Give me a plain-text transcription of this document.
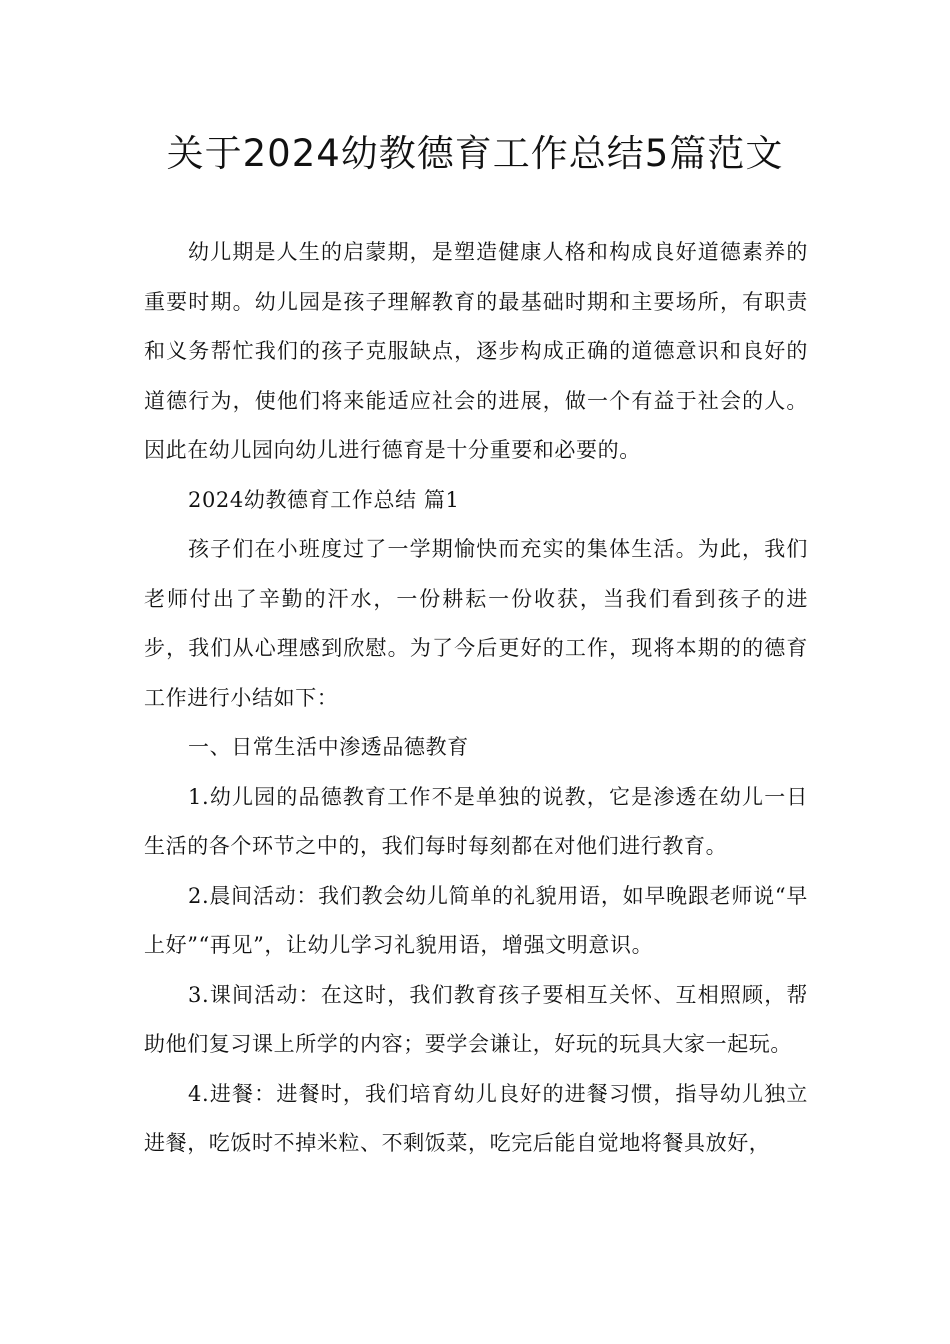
关于2024幼教德育工作总结5篇范文

幼儿期是人生的启蒙期，是塑造健康人格和构成良好道德素养的重要时期。幼儿园是孩子理解教育的最基础时期和主要场所，有职责和义务帮忙我们的孩子克服缺点，逐步构成正确的道德意识和良好的道德行为，使他们将来能适应社会的进展，做一个有益于社会的人。因此在幼儿园向幼儿进行德育是十分重要和必要的。

2024幼教德育工作总结 篇1

孩子们在小班度过了一学期愉快而充实的集体生活。为此，我们老师付出了辛勤的汗水，一份耕耘一份收获，当我们看到孩子的进步，我们从心理感到欣慰。为了今后更好的工作，现将本期的的德育工作进行小结如下：

一、日常生活中渗透品德教育

1.幼儿园的品德教育工作不是单独的说教，它是渗透在幼儿一日生活的各个环节之中的，我们每时每刻都在对他们进行教育。

2.晨间活动：我们教会幼儿简单的礼貌用语，如早晚跟老师说“早上好”“再见”，让幼儿学习礼貌用语，增强文明意识。

3.课间活动：在这时，我们教育孩子要相互关怀、互相照顾，帮助他们复习课上所学的内容；要学会谦让，好玩的玩具大家一起玩。

4.进餐：进餐时，我们培育幼儿良好的进餐习惯，指导幼儿独立进餐，吃饭时不掉米粒、不剩饭菜，吃完后能自觉地将餐具放好，
